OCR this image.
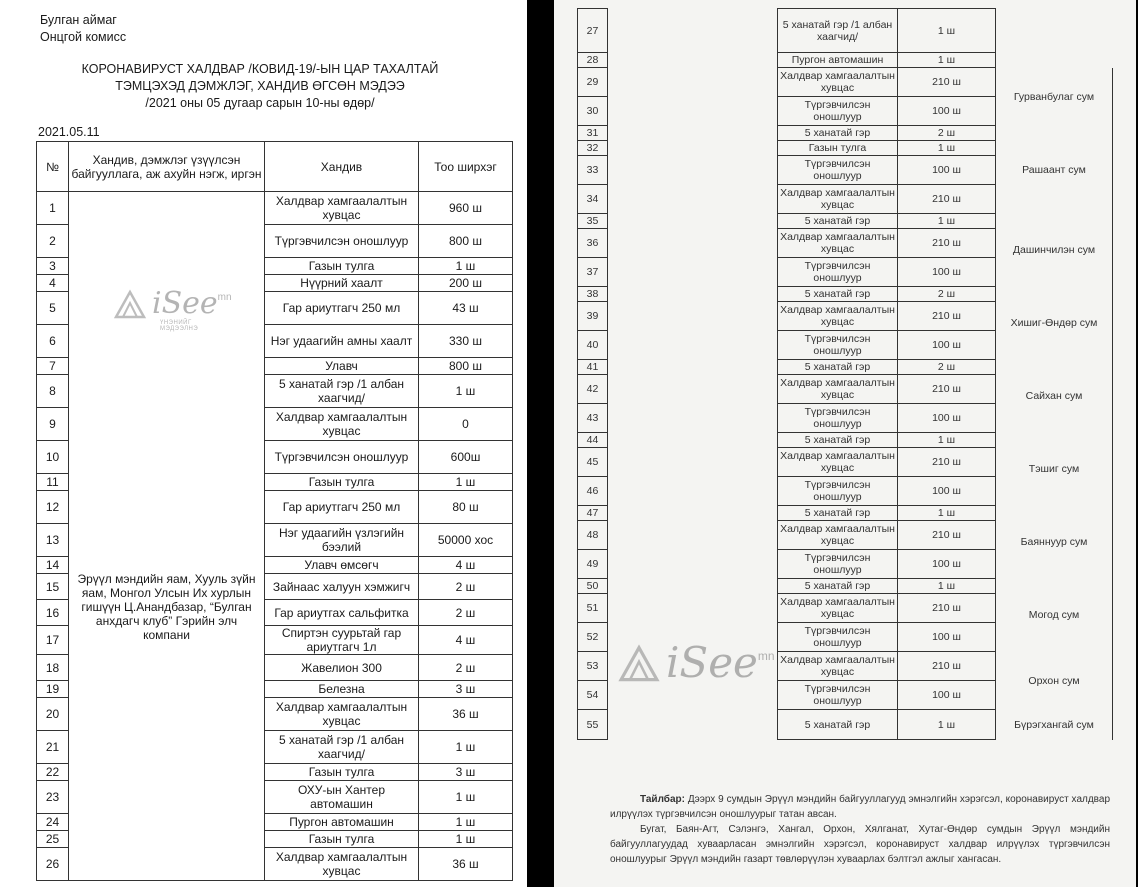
Булган аймаг
Онцгой комисс
КОРОНАВИРУСТ ХАЛДВАР /КОВИД-19/-ЫН ЦАР ТАХАЛТАЙ
ТЭМЦЭХЭД ДЭМЖЛЭГ, ХАНДИВ ӨГСӨН МЭДЭЭ
/2021 оны 05 дугаар сарын 10-ны өдөр/
2021.05.11
№	Хандив, дэмжлэг үзүүлсэн байгууллага, аж ахуйн нэгж, иргэн	Хандив	Тоо ширхэг
1	Эрүүл мэндийн яам, Хууль зүйн яам, Монгол Улсын Их хурлын гишүүн Ц.Анандбазар, “Булган анхдагч клуб” Гэрийн элч компани	Халдвар хамгаалалтын хувцас	960 ш
2		Түргэвчилсэн оношлуур	800 ш
3		Газын тулга	1 ш
4		Нүүрний хаалт	200 ш
5		Гар ариутгагч 250 мл	43 ш
6		Нэг удаагийн амны хаалт	330 ш
7		Улавч	800 ш
8		5 ханатай гэр /1 албан хаагчид/	1 ш
9		Халдвар хамгаалалтын хувцас	0
10		Түргэвчилсэн оношлуур	600ш
11		Газын тулга	1 ш
12		Гар ариутгагч 250 мл	80 ш
13		Нэг удаагийн үзлэгийн бээлий	50000 хос
14		Улавч өмсөгч	4 ш
15		Зайнаас халуун хэмжигч	2 ш
16		Гар ариутгах сальфитка	2 ш
17		Спиртэн суурьтай гар ариутгагч 1л	4 ш
18		Жавелион 300	2 ш
19		Белезна	3 ш
20		Халдвар хамгаалалтын хувцас	36 ш
21		5 ханатай гэр /1 албан хаагчид/	1 ш
22		Газын тулга	3 ш
23		ОХУ-ын Хантер автомашин	1 ш
24		Пургон автомашин	1 ш
25		Газын тулга	1 ш
26		Халдвар хамгаалалтын хувцас	36 ш
iSee mn
ҮНЭНИЙГ МЭДЭЭЛНЭ
27		5 ханатай гэр /1 албан хаагчид/	1 ш	
28		Пургон автомашин	1 ш	
29		Халдвар хамгаалалтын хувцас	210 ш	Гурванбулаг сум
30		Түргэвчилсэн оношлуур	100 ш	
31		5 ханатай гэр	2 ш	Рашаант сум
32		Газын тулга	1 ш	
33		Түргэвчилсэн оношлуур	100 ш	
34		Халдвар хамгаалалтын хувцас	210 ш	
35		5 ханатай гэр	1 ш	Дашинчилэн сум
36		Халдвар хамгаалалтын хувцас	210 ш	
37		Түргэвчилсэн оношлуур	100 ш	
38		5 ханатай гэр	2 ш	Хишиг-Өндөр сум
39		Халдвар хамгаалалтын хувцас	210 ш	
40		Түргэвчилсэн оношлуур	100 ш	
41		5 ханатай гэр	2 ш	Сайхан сум
42		Халдвар хамгаалалтын хувцас	210 ш	
43		Түргэвчилсэн оношлуур	100 ш	
44		5 ханатай гэр	1 ш	Тэшиг сум
45		Халдвар хамгаалалтын хувцас	210 ш	
46		Түргэвчилсэн оношлуур	100 ш	
47		5 ханатай гэр	1 ш	Баяннуур сум
48		Халдвар хамгаалалтын хувцас	210 ш	
49		Түргэвчилсэн оношлуур	100 ш	
50		5 ханатай гэр	1 ш	Могод сум
51		Халдвар хамгаалалтын хувцас	210 ш	
52		Түргэвчилсэн оношлуур	100 ш	
53		Халдвар хамгаалалтын хувцас	210 ш	Орхон сум
54		Түргэвчилсэн оношлуур	100 ш	
55		5 ханатай гэр	1 ш	Бүрэгхангай сум
Тайлбар: Дээрх 9 сумдын Эрүүл мэндийн байгууллагууд эмнэлгийн хэрэгсэл, коронавируст халдвар илрүүлэх түргэвчилсэн оношлуурыг татан авсан.
Бугат, Баян-Агт, Сэлэнгэ, Хангал, Орхон, Хялганат, Хутаг-Өндөр сумдын Эрүүл мэндийн байгууллагуудад хуваарласан эмнэлгийн хэрэгсэл, коронавируст халдвар илрүүлэх түргэвчилсэн оношлуурыг Эрүүл мэндийн газарт төвлөрүүлэн хуваарлах бэлтгэл ажлыг хангасан.
iSee mn
